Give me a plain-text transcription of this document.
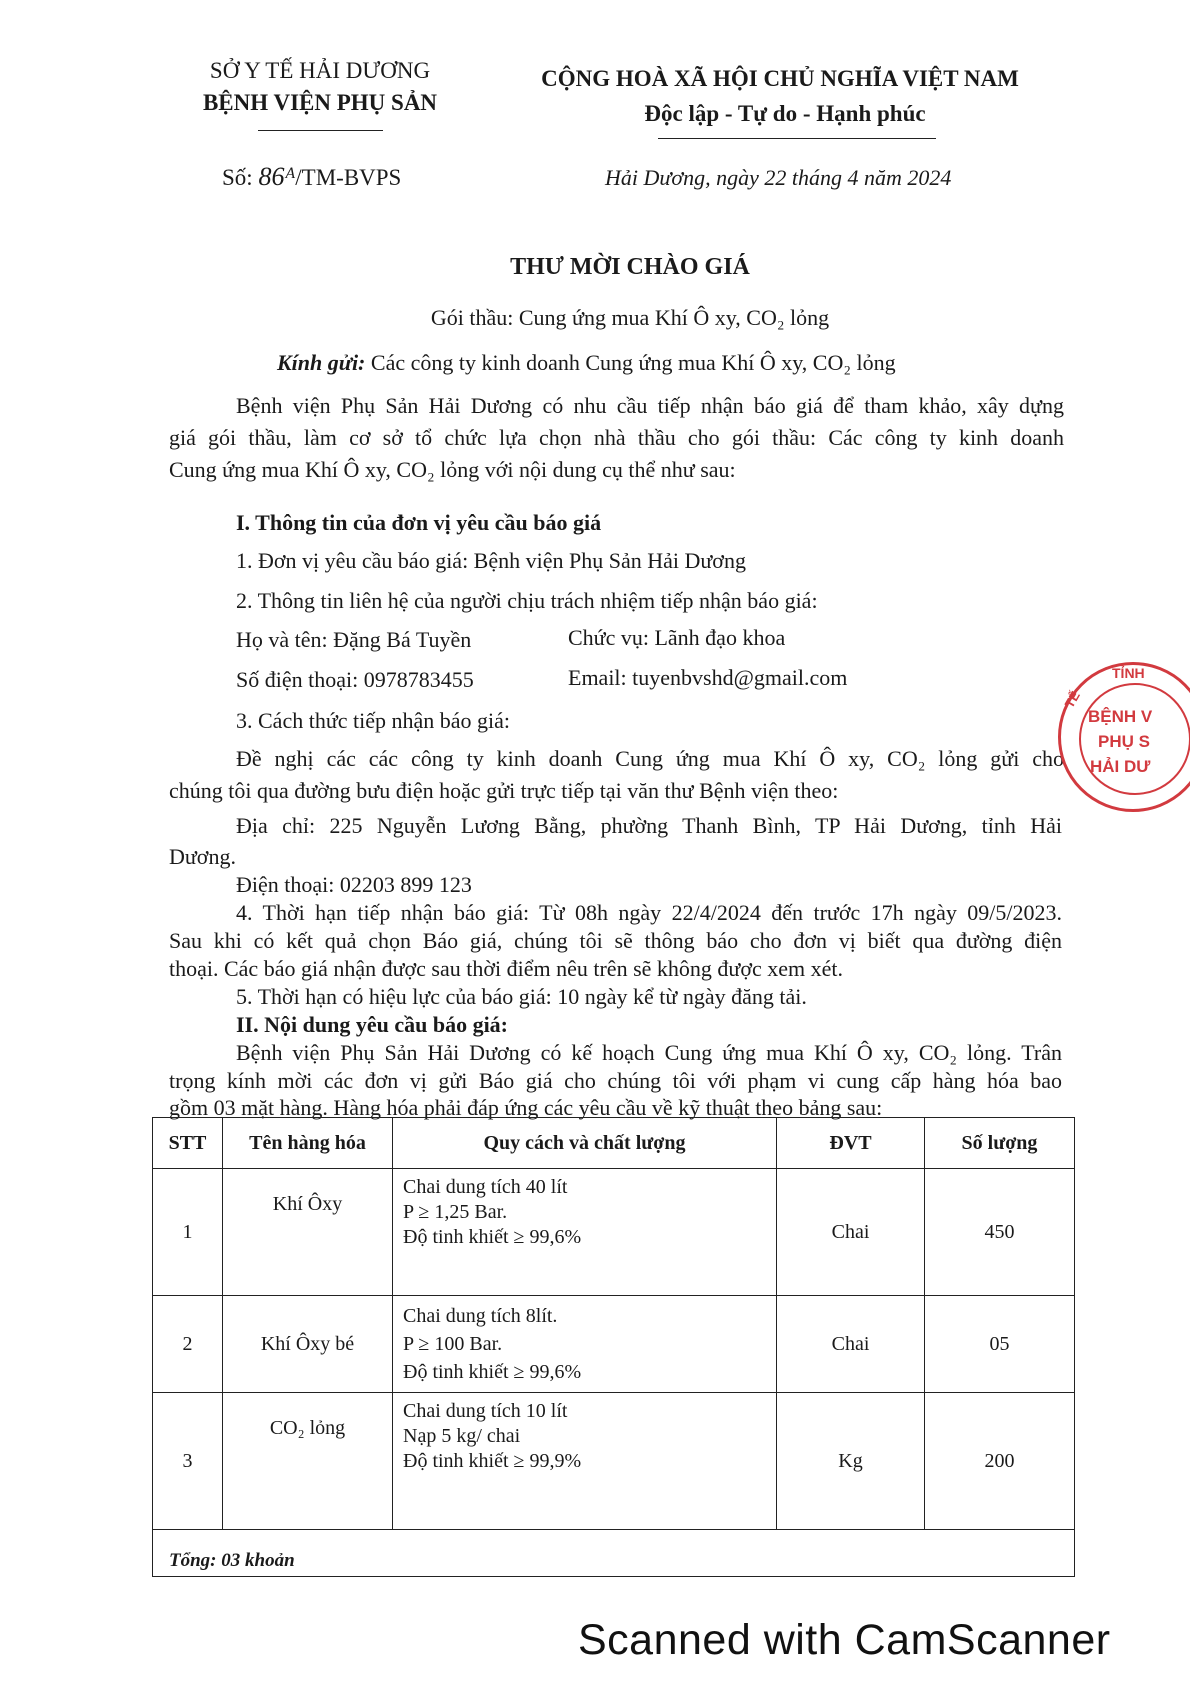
SỞ Y TẾ HẢI DƯƠNG
BỆNH VIỆN PHỤ SẢN
Số: 86ᴬ/TM-BVPS
CỘNG HOÀ XÃ HỘI CHỦ NGHĨA VIỆT NAM
Độc lập - Tự do - Hạnh phúc
Hải Dương, ngày 22 tháng 4 năm 2024
THƯ MỜI CHÀO GIÁ
Gói thầu: Cung ứng mua Khí Ô xy, CO₂ lỏng
Kính gửi: Các công ty kinh doanh Cung ứng mua Khí Ô xy, CO₂ lỏng
Bệnh viện Phụ Sản Hải Dương có nhu cầu tiếp nhận báo giá để tham khảo, xây dựng
giá gói thầu, làm cơ sở tổ chức lựa chọn nhà thầu cho gói thầu: Các công ty kinh doanh
Cung ứng mua Khí Ô xy, CO₂ lỏng với nội dung cụ thể như sau:
I. Thông tin của đơn vị yêu cầu báo giá
1. Đơn vị yêu cầu báo giá: Bệnh viện Phụ Sản Hải Dương
2. Thông tin liên hệ của người chịu trách nhiệm tiếp nhận báo giá:
Họ và tên: Đặng Bá Tuyền	Chức vụ: Lãnh đạo khoa
Số điện thoại: 0978783455	Email: tuyenbvshd@gmail.com
3. Cách thức tiếp nhận báo giá:
Đề nghị các các công ty kinh doanh Cung ứng mua Khí Ô xy, CO₂ lỏng gửi cho
chúng tôi qua đường bưu điện hoặc gửi trực tiếp tại văn thư Bệnh viện theo:
Địa chỉ: 225 Nguyễn Lương Bằng, phường Thanh Bình, TP Hải Dương, tỉnh Hải
Dương.
Điện thoại: 02203 899 123
4. Thời hạn tiếp nhận báo giá: Từ 08h ngày 22/4/2024 đến trước 17h ngày 09/5/2023.
Sau khi có kết quả chọn Báo giá, chúng tôi sẽ thông báo cho đơn vị biết qua đường điện
thoại. Các báo giá nhận được sau thời điểm nêu trên sẽ không được xem xét.
5. Thời hạn có hiệu lực của báo giá: 10 ngày kể từ ngày đăng tải.
II. Nội dung yêu cầu báo giá:
Bệnh viện Phụ Sản Hải Dương có kế hoạch Cung ứng mua Khí Ô xy, CO₂ lỏng. Trân
trọng kính mời các đơn vị gửi Báo giá cho chúng tôi với phạm vi cung cấp hàng hóa bao
gồm 03 mặt hàng. Hàng hóa phải đáp ứng các yêu cầu về kỹ thuật theo bảng sau:
TỈNH
TẾ
BỆNH V
PHỤ S
HẢI DƯ
STT	Tên hàng hóa	Quy cách và chất lượng	ĐVT	Số lượng
1	Khí Ôxy	Chai dung tích 40 lít
P ≥ 1,25 Bar.
Độ tinh khiết ≥ 99,6%	Chai	450
2	Khí Ôxy bé	Chai dung tích 8lít.
P ≥ 100 Bar.
Độ tinh khiết ≥ 99,6%	Chai	05
3	CO₂ lỏng	Chai dung tích 10 lít
Nạp 5 kg/ chai
Độ tinh khiết ≥ 99,9%	Kg	200

Tổng: 03 khoản				
Scanned with CamScanner
